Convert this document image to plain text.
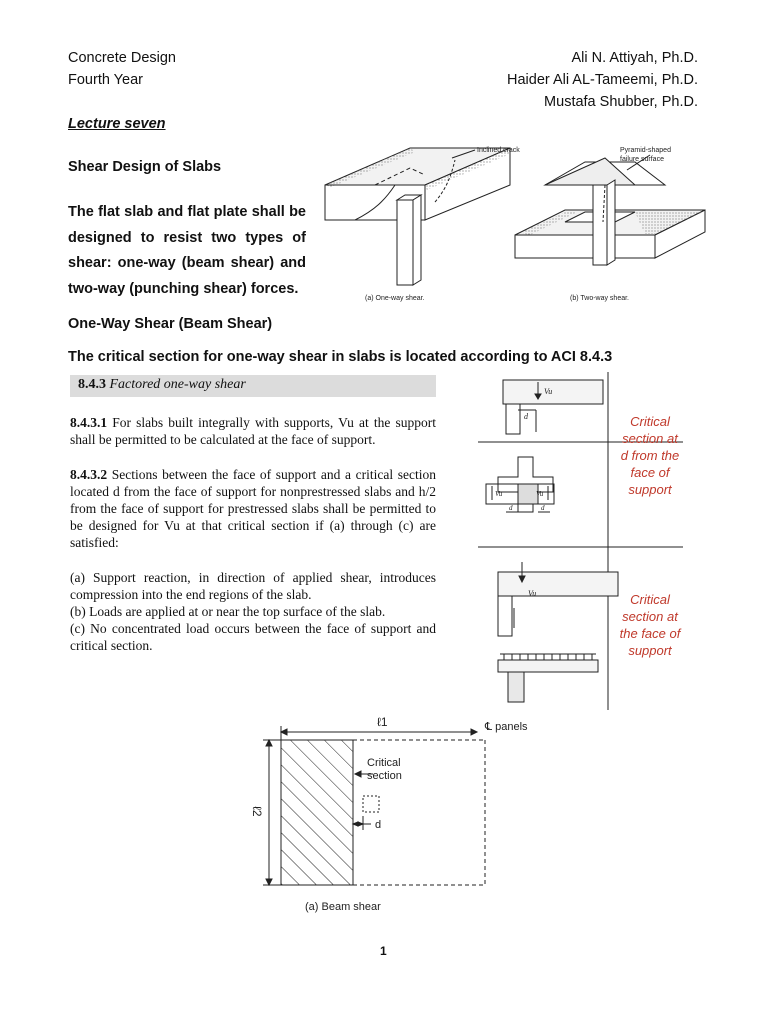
Concrete Design
Fourth Year
Ali N. Attiyah, Ph.D.
Haider Ali AL-Tameemi, Ph.D.
Mustafa Shubber, Ph.D.
Lecture seven
Shear Design of Slabs
The flat slab and flat plate shall be designed to resist two types of shear: one-way (beam shear) and two-way (punching shear) forces.
Inclined crack	Pyramid-shaped
failure surface
(a) One-way shear.	(b) Two-way shear.
One-Way Shear (Beam Shear)
The critical section for one-way shear in slabs is located according to ACI 8.4.3
8.4.3 Factored one-way shear

8.4.3.1 For slabs built integrally with supports, Vu at the support shall be permitted to be calculated at the face of support.

8.4.3.2 Sections between the face of support and a critical section located d from the face of support for nonprestressed slabs and h/2 from the face of support for prestressed slabs shall be permitted to be designed for Vu at that critical section if (a) through (c) are satisfied:

(a) Support reaction, in direction of applied shear, introduces compression into the end regions of the slab.

(b) Loads are applied at or near the top surface of the slab.

(c) No concentrated load occurs between the face of support and critical section.

Vu
d
Vu	Vu
d	d
Vu
Critical
section at
d from the
face of
support
Critical
section at
the face of
support
ℓ1	℄ panels
ℓ2
Critical
section
d
(a) Beam shear
1
